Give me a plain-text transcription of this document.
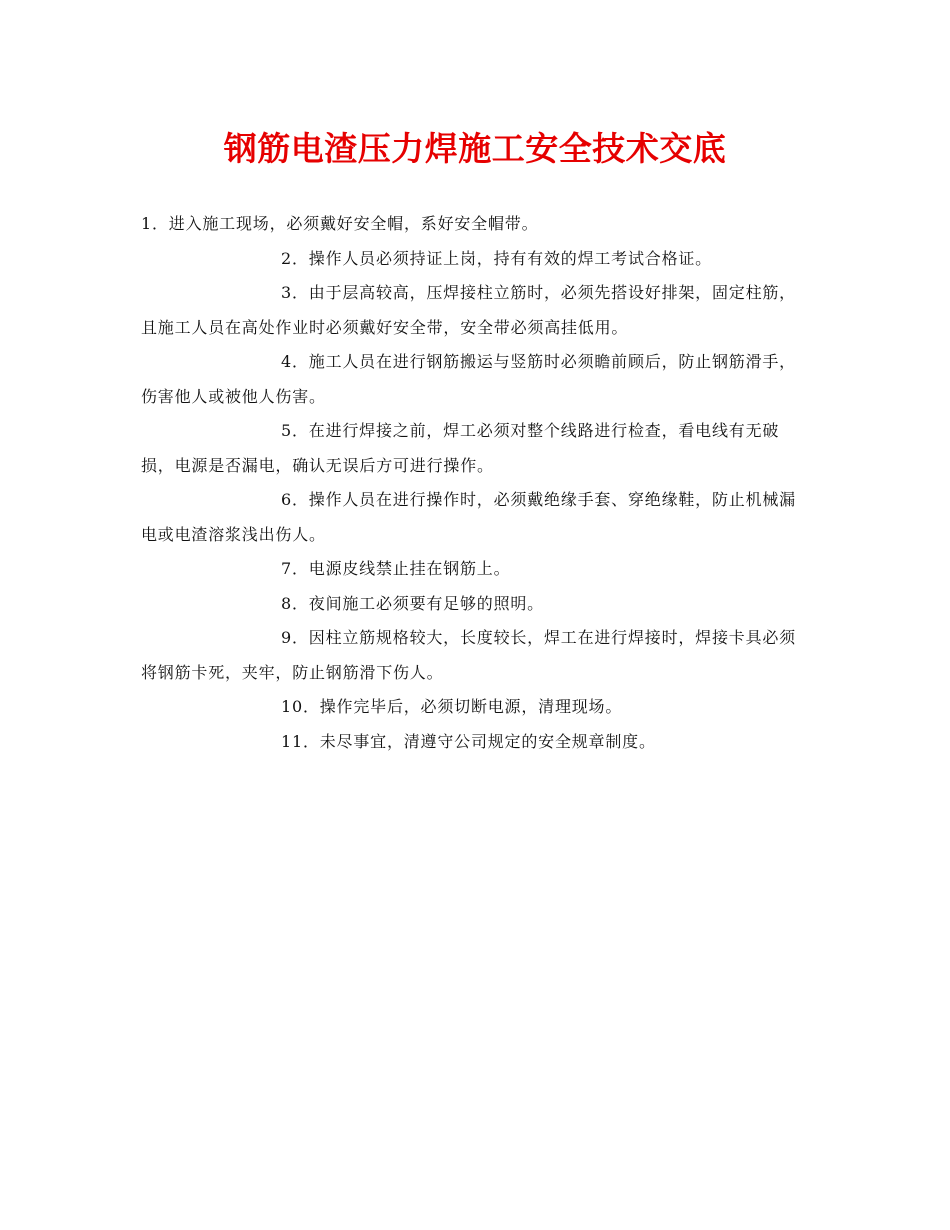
钢筋电渣压力焊施工安全技术交底

1．进入施工现场，必须戴好安全帽，系好安全帽带。

2．操作人员必须持证上岗，持有有效的焊工考试合格证。

3．由于层高较高，压焊接柱立筋时，必须先搭设好排架，固定柱筋，且施工人员在高处作业时必须戴好安全带，安全带必须高挂低用。

4．施工人员在进行钢筋搬运与竖筋时必须瞻前顾后，防止钢筋滑手，伤害他人或被他人伤害。

5．在进行焊接之前，焊工必须对整个线路进行检查，看电线有无破损，电源是否漏电，确认无误后方可进行操作。

6．操作人员在进行操作时，必须戴绝缘手套、穿绝缘鞋，防止机械漏电或电渣溶浆浅出伤人。

7．电源皮线禁止挂在钢筋上。

8．夜间施工必须要有足够的照明。

9．因柱立筋规格较大，长度较长，焊工在进行焊接时，焊接卡具必须将钢筋卡死，夹牢，防止钢筋滑下伤人。

10．操作完毕后，必须切断电源，清理现场。

11．未尽事宜，清遵守公司规定的安全规章制度。
